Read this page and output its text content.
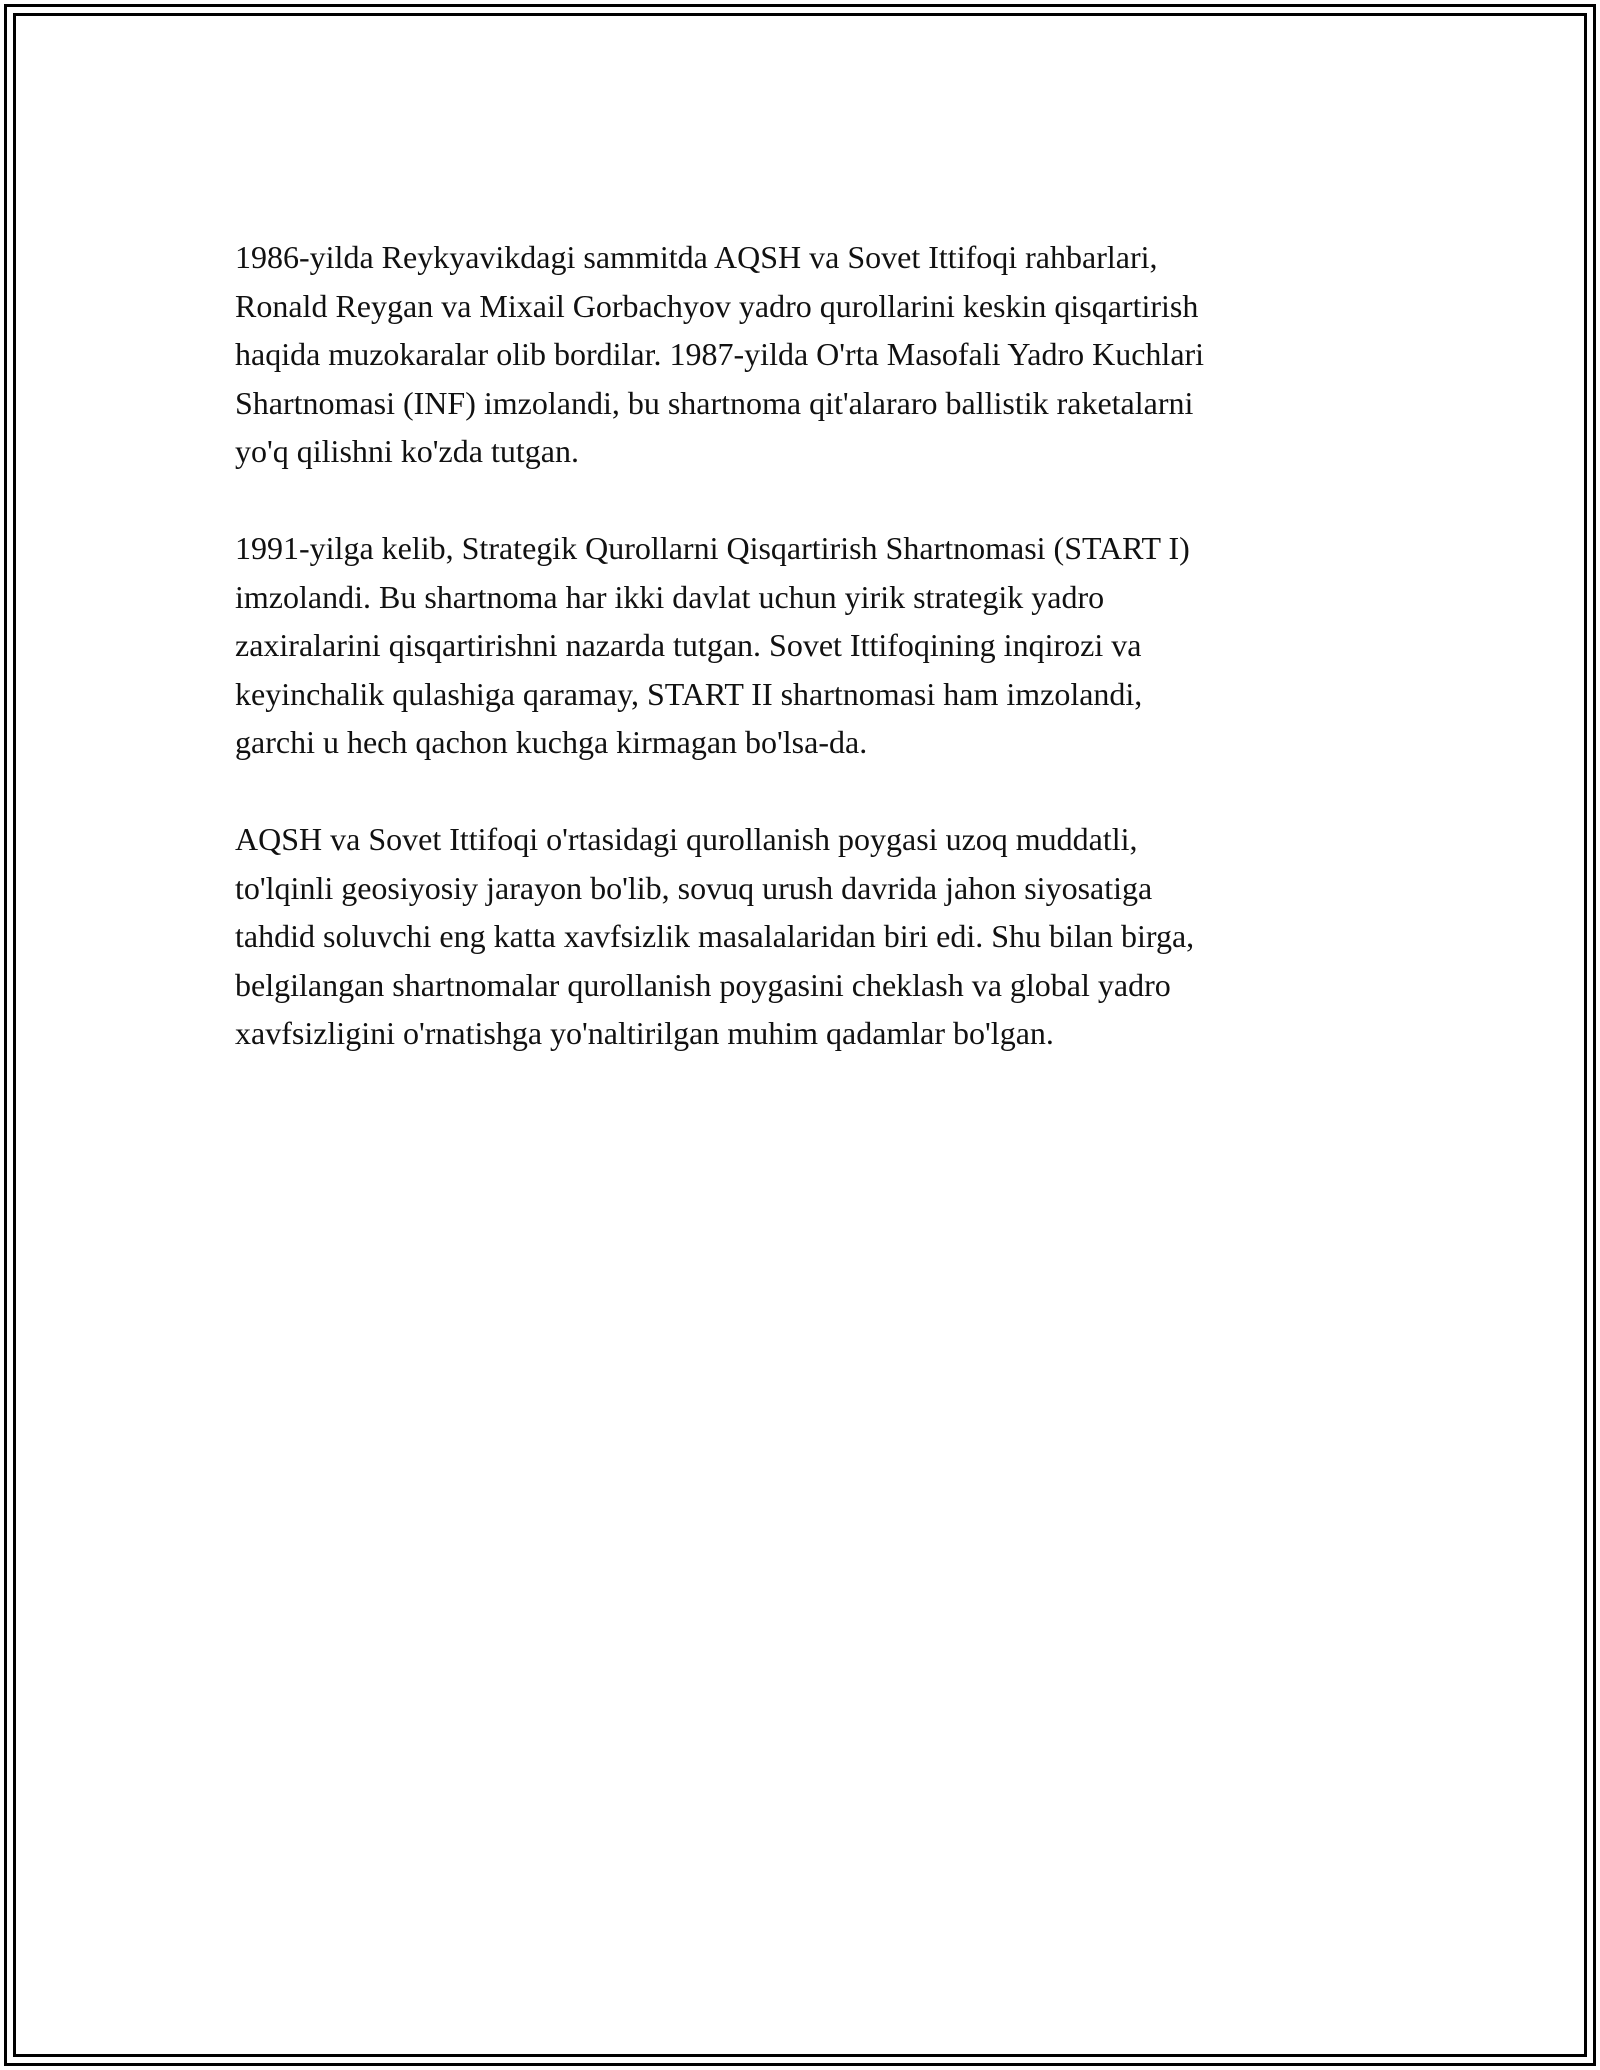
1986-yilda Reykyavikdagi sammitda AQSH va Sovet Ittifoqi rahbarlari,
Ronald Reygan va Mixail Gorbachyov yadro qurollarini keskin qisqartirish
haqida muzokaralar olib bordilar. 1987-yilda O'rta Masofali Yadro Kuchlari
Shartnomasi (INF) imzolandi, bu shartnoma qit'alararo ballistik raketalarni
yo'q qilishni ko'zda tutgan.

1991-yilga kelib, Strategik Qurollarni Qisqartirish Shartnomasi (START I)
imzolandi. Bu shartnoma har ikki davlat uchun yirik strategik yadro
zaxiralarini qisqartirishni nazarda tutgan. Sovet Ittifoqining inqirozi va
keyinchalik qulashiga qaramay, START II shartnomasi ham imzolandi,
garchi u hech qachon kuchga kirmagan bo'lsa-da.

AQSH va Sovet Ittifoqi o'rtasidagi qurollanish poygasi uzoq muddatli,
to'lqinli geosiyosiy jarayon bo'lib, sovuq urush davrida jahon siyosatiga
tahdid soluvchi eng katta xavfsizlik masalalaridan biri edi. Shu bilan birga,
belgilangan shartnomalar qurollanish poygasini cheklash va global yadro
xavfsizligini o'rnatishga yo'naltirilgan muhim qadamlar bo'lgan.
